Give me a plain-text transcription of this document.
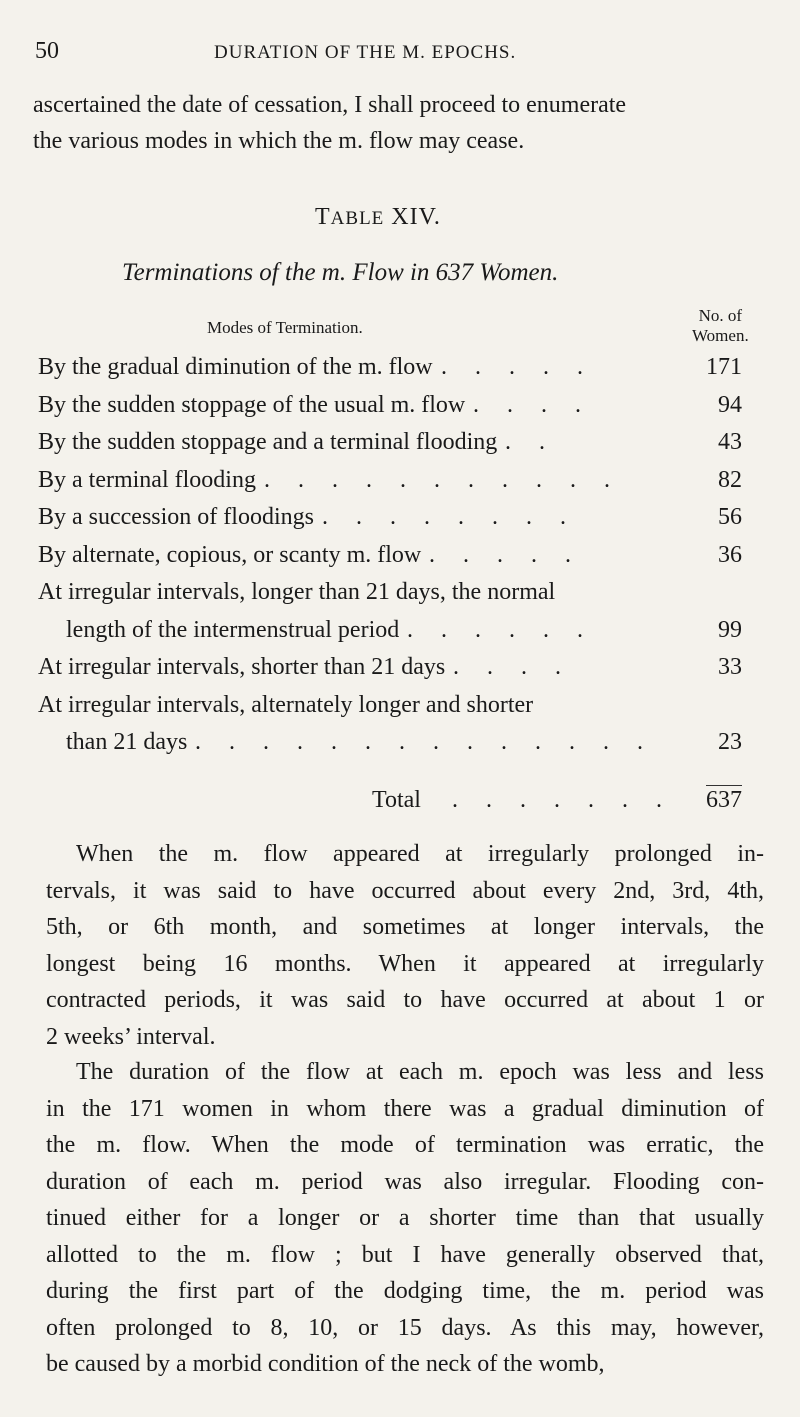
50	DURATION OF THE M. EPOCHS.
ascertained the date of cessation, I shall proceed to enumerate
the various modes in which the m. flow may cease.
TABLE XIV.
Terminations of the m. Flow in 637 Women.
Modes of Termination.
No. of
Women.
By the gradual diminution of the m. flow . . . . .	171
By the sudden stoppage of the usual m. flow . . . .	94
By the sudden stoppage and a terminal flooding . .	43
By a terminal flooding . . . . . . . . . . .	82
By a succession of floodings . . . . . . . .	56
By alternate, copious, or scanty m. flow . . . . .	36
At irregular intervals, longer than 21 days, the normal
length of the intermenstrual period . . . . . .	99
At irregular intervals, shorter than 21 days . . . .	33
At irregular intervals, alternately longer and shorter
than 21 days . . . . . . . . . . . . . .	23
Total . . . . . . . 637
When the m. flow appeared at irregularly prolonged in-
tervals, it was said to have occurred about every 2nd, 3rd, 4th,
5th, or 6th month, and sometimes at longer intervals, the
longest being 16 months. When it appeared at irregularly
contracted periods, it was said to have occurred at about 1 or
2 weeks’ interval.
The duration of the flow at each m. epoch was less and less
in the 171 women in whom there was a gradual diminution of
the m. flow. When the mode of termination was erratic, the
duration of each m. period was also irregular. Flooding con-
tinued either for a longer or a shorter time than that usually
allotted to the m. flow ; but I have generally observed that,
during the first part of the dodging time, the m. period was
often prolonged to 8, 10, or 15 days. As this may, however,
be caused by a morbid condition of the neck of the womb,
